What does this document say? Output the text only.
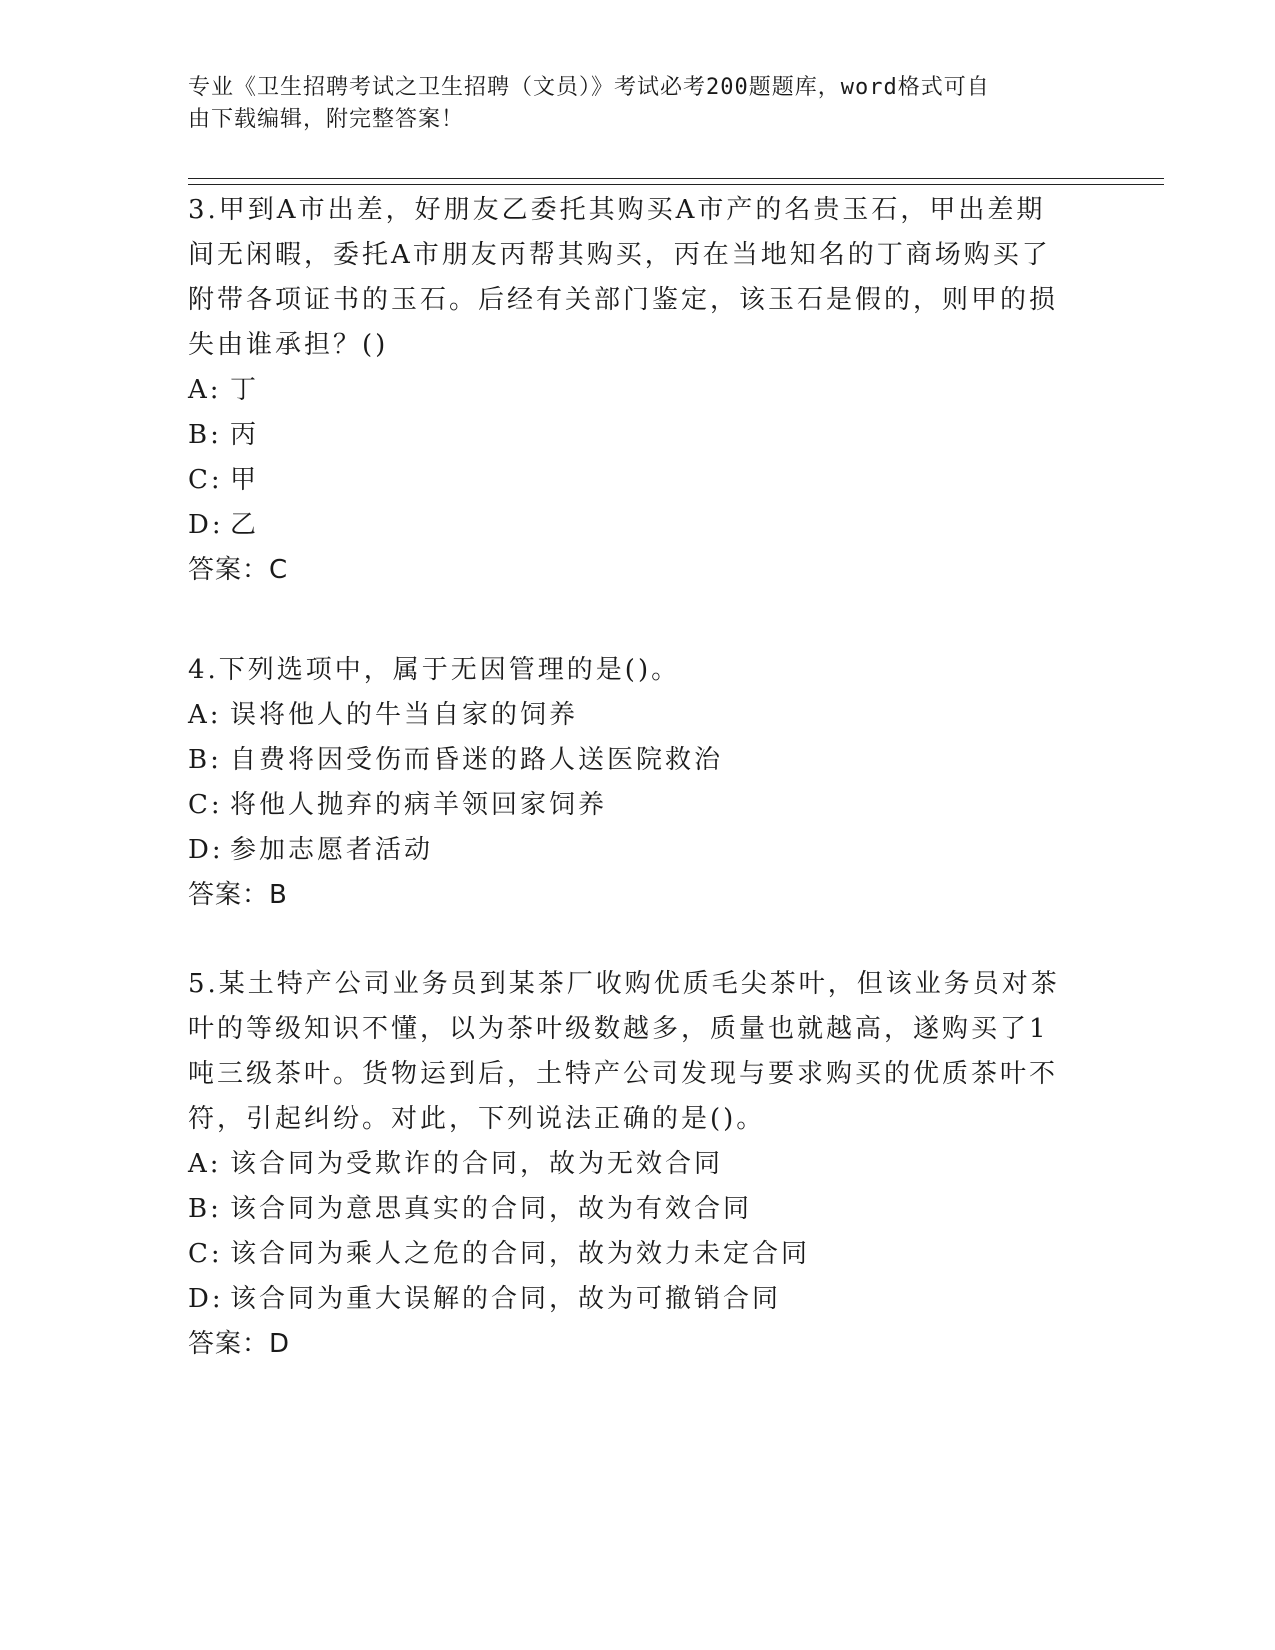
专业《卫生招聘考试之卫生招聘（文员）》考试必考200题题库，word格式可自
由下载编辑，附完整答案！
3.甲到A市出差，好朋友乙委托其购买A市产的名贵玉石，甲出差期
间无闲暇，委托A市朋友丙帮其购买，丙在当地知名的丁商场购买了
附带各项证书的玉石。后经有关部门鉴定，该玉石是假的，则甲的损
失由谁承担？()
A: 丁
B: 丙
C: 甲
D: 乙
答案：C
4.下列选项中，属于无因管理的是()。
A: 误将他人的牛当自家的饲养
B: 自费将因受伤而昏迷的路人送医院救治
C: 将他人抛弃的病羊领回家饲养
D: 参加志愿者活动
答案：B
5.某土特产公司业务员到某茶厂收购优质毛尖茶叶，但该业务员对茶
叶的等级知识不懂，以为茶叶级数越多，质量也就越高，遂购买了1
吨三级茶叶。货物运到后，土特产公司发现与要求购买的优质茶叶不
符，引起纠纷。对此，下列说法正确的是()。
A: 该合同为受欺诈的合同，故为无效合同
B: 该合同为意思真实的合同，故为有效合同
C: 该合同为乘人之危的合同，故为效力未定合同
D: 该合同为重大误解的合同，故为可撤销合同
答案：D
